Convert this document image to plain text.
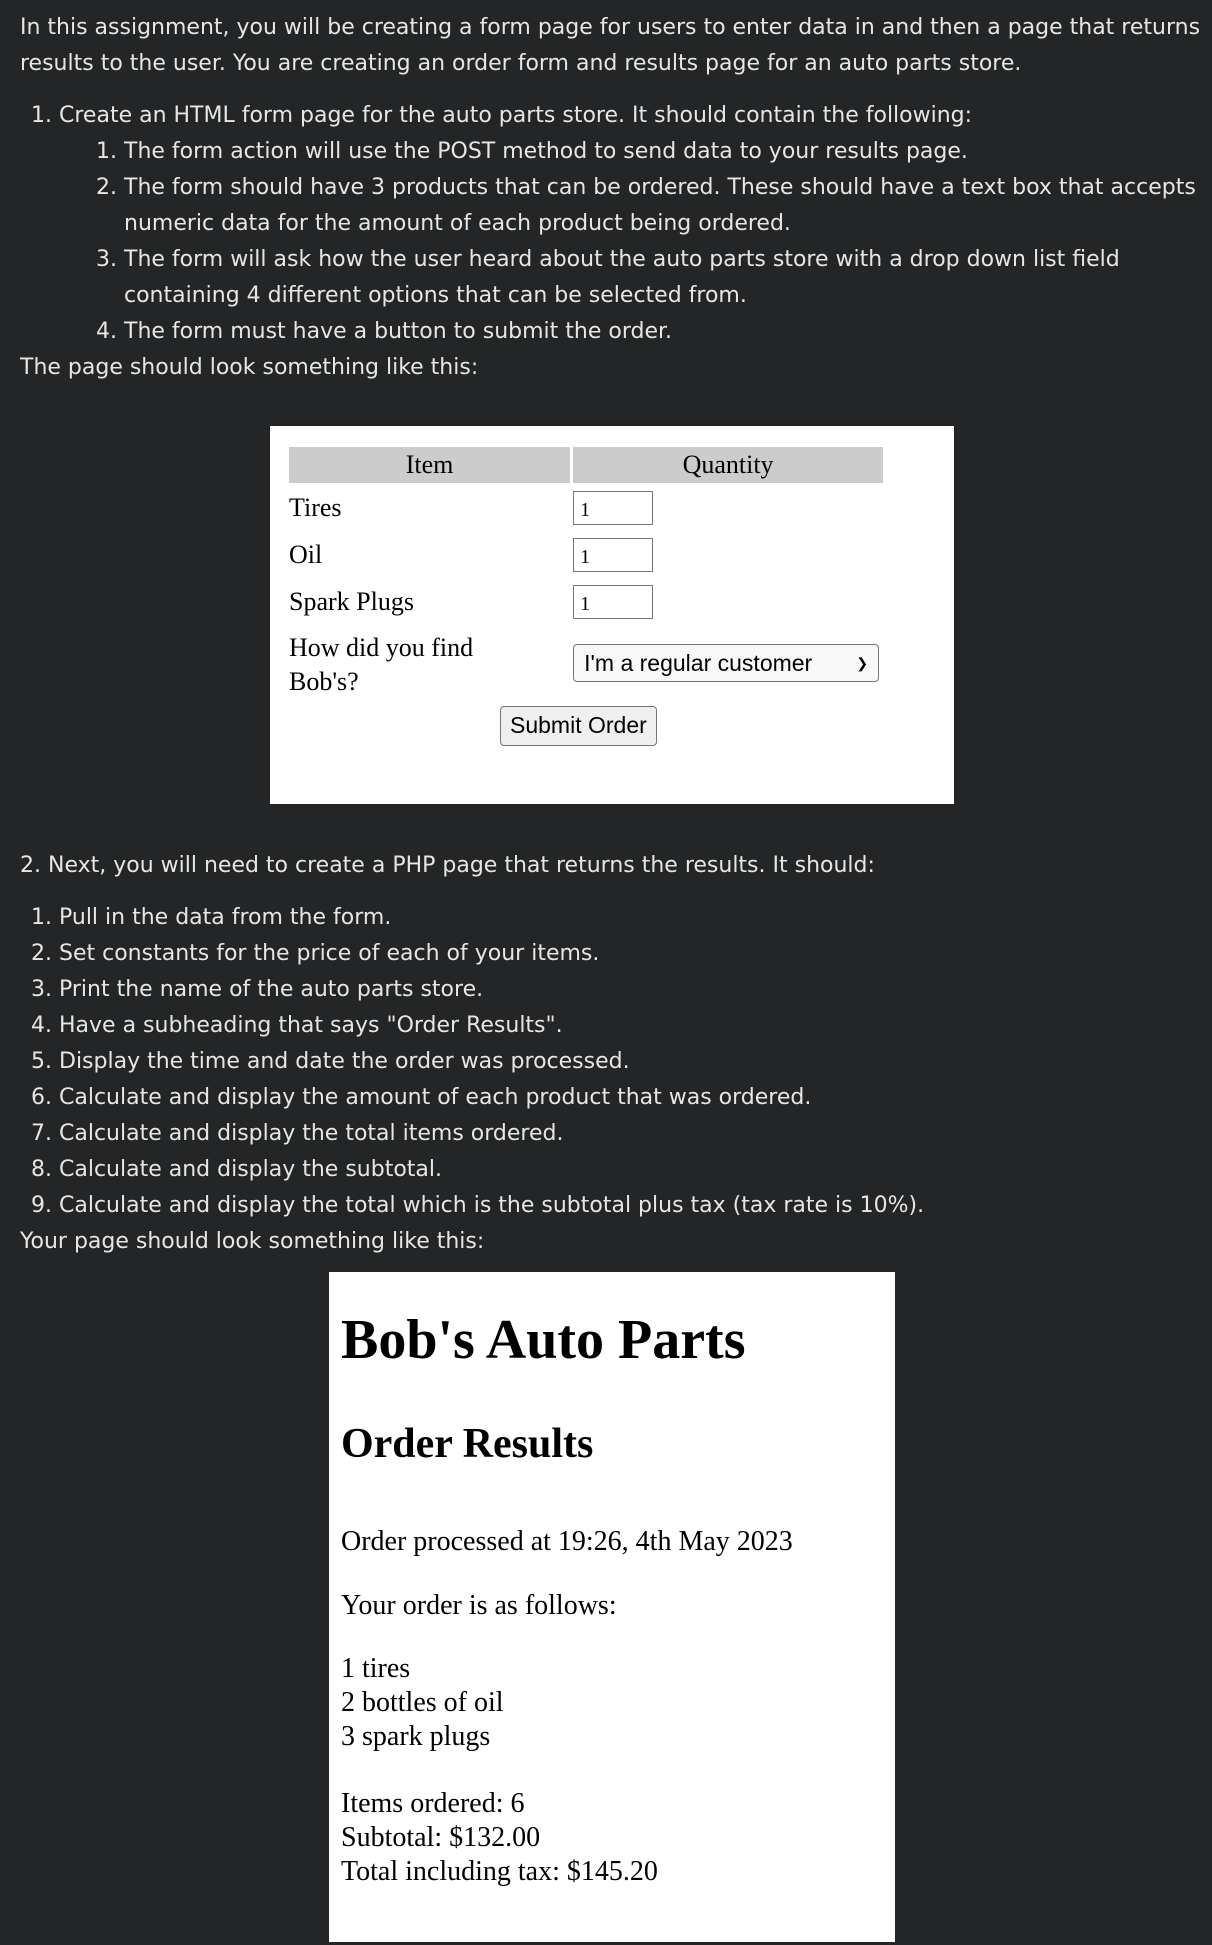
In this assignment, you will be creating a form page for users to enter data in and then a page that returns results to the user. You are creating an order form and results page for an auto parts store.

1. Create an HTML form page for the auto parts store. It should contain the following:
1. The form action will use the POST method to send data to your results page.
2. The form should have 3 products that can be ordered. These should have a text box that accepts numeric data for the amount of each product being ordered.
3. The form will ask how the user heard about the auto parts store with a drop down list field containing 4 different options that can be selected from.
4. The form must have a button to submit the order.

The page should look something like this:

2. Next, you will need to create a PHP page that returns the results. It should:

1. Pull in the data from the form.
2. Set constants for the price of each of your items.
3. Print the name of the auto parts store.
4. Have a subheading that says "Order Results".
5. Display the time and date the order was processed.
6. Calculate and display the amount of each product that was ordered.
7. Calculate and display the total items ordered.
8. Calculate and display the subtotal.
9. Calculate and display the total which is the subtotal plus tax (tax rate is 10%).

Your page should look something like this:

Item	Quantity
Tires	1

Oil	1

Spark Plugs	1

How did you find Bob's?	I'm a regular customer ❯
Submit Order
Bob's Auto Parts
Order Results

Order processed at 19:26, 4th May 2023

Your order is as follows:

1 tires
2 bottles of oil
3 spark plugs
Items ordered: 6
Subtotal: $132.00
Total including tax: $145.20
